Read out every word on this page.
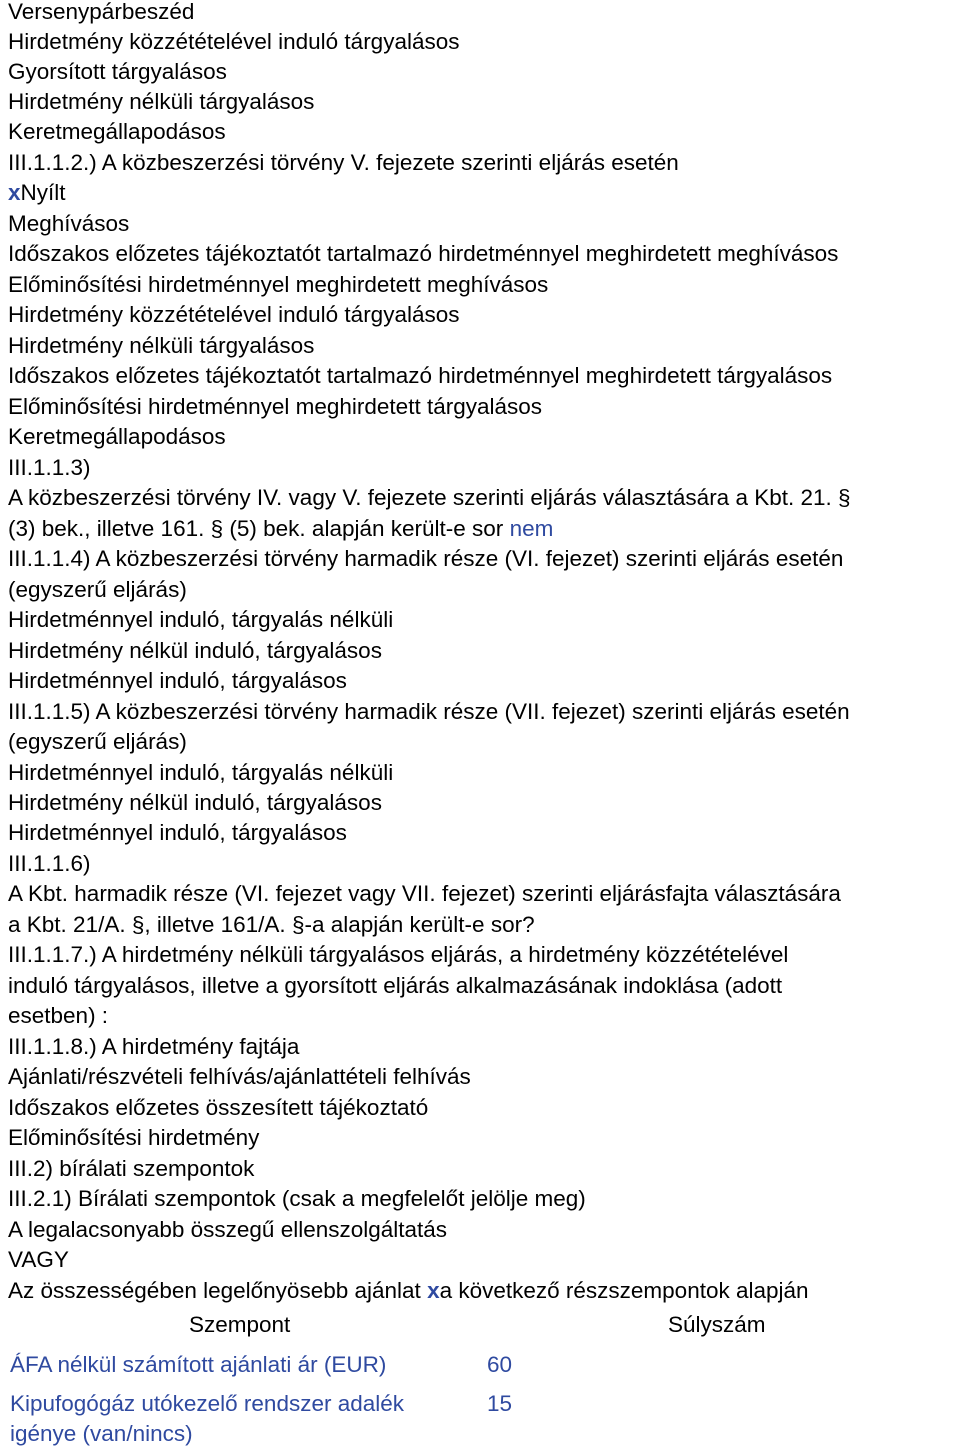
Versenypárbeszéd

Hirdetmény közzétételével induló tárgyalásos

Gyorsított tárgyalásos

Hirdetmény nélküli tárgyalásos

Keretmegállapodásos

III.1.1.2.) A közbeszerzési törvény V. fejezete szerinti eljárás esetén

xNyílt

Meghívásos

Időszakos előzetes tájékoztatót tartalmazó hirdetménnyel meghirdetett meghívásos

Előminősítési hirdetménnyel meghirdetett meghívásos

Hirdetmény közzétételével induló tárgyalásos

Hirdetmény nélküli tárgyalásos

Időszakos előzetes tájékoztatót tartalmazó hirdetménnyel meghirdetett tárgyalásos

Előminősítési hirdetménnyel meghirdetett tárgyalásos

Keretmegállapodásos

III.1.1.3)

A közbeszerzési törvény IV. vagy V. fejezete szerinti eljárás választására a Kbt. 21. §

(3) bek., illetve 161. § (5) bek. alapján került-e sor nem

III.1.1.4) A közbeszerzési törvény harmadik része (VI. fejezet) szerinti eljárás esetén

(egyszerű eljárás)

Hirdetménnyel induló, tárgyalás nélküli

Hirdetmény nélkül induló, tárgyalásos

Hirdetménnyel induló, tárgyalásos

III.1.1.5) A közbeszerzési törvény harmadik része (VII. fejezet) szerinti eljárás esetén

(egyszerű eljárás)

Hirdetménnyel induló, tárgyalás nélküli

Hirdetmény nélkül induló, tárgyalásos

Hirdetménnyel induló, tárgyalásos

III.1.1.6)

A Kbt. harmadik része (VI. fejezet vagy VII. fejezet) szerinti eljárásfajta választására

a Kbt. 21/A. §, illetve 161/A. §-a alapján került-e sor?

III.1.1.7.) A hirdetmény nélküli tárgyalásos eljárás, a hirdetmény közzétételével

induló tárgyalásos, illetve a gyorsított eljárás alkalmazásának indoklása (adott

esetben) :

III.1.1.8.) A hirdetmény fajtája

Ajánlati/részvételi felhívás/ajánlattételi felhívás

Időszakos előzetes összesített tájékoztató

Előminősítési hirdetmény

III.2) bírálati szempontok

III.2.1) Bírálati szempontok (csak a megfelelőt jelölje meg)

A legalacsonyabb összegű ellenszolgáltatás

VAGY

Az összességében legelőnyösebb ajánlat xa következő részszempontok alapján

Szempont	Súlyszám
ÁFA nélkül számított ajánlati ár (EUR)	60
Kipufogógáz utókezelő rendszer adalék igénye (van/nincs)
15
